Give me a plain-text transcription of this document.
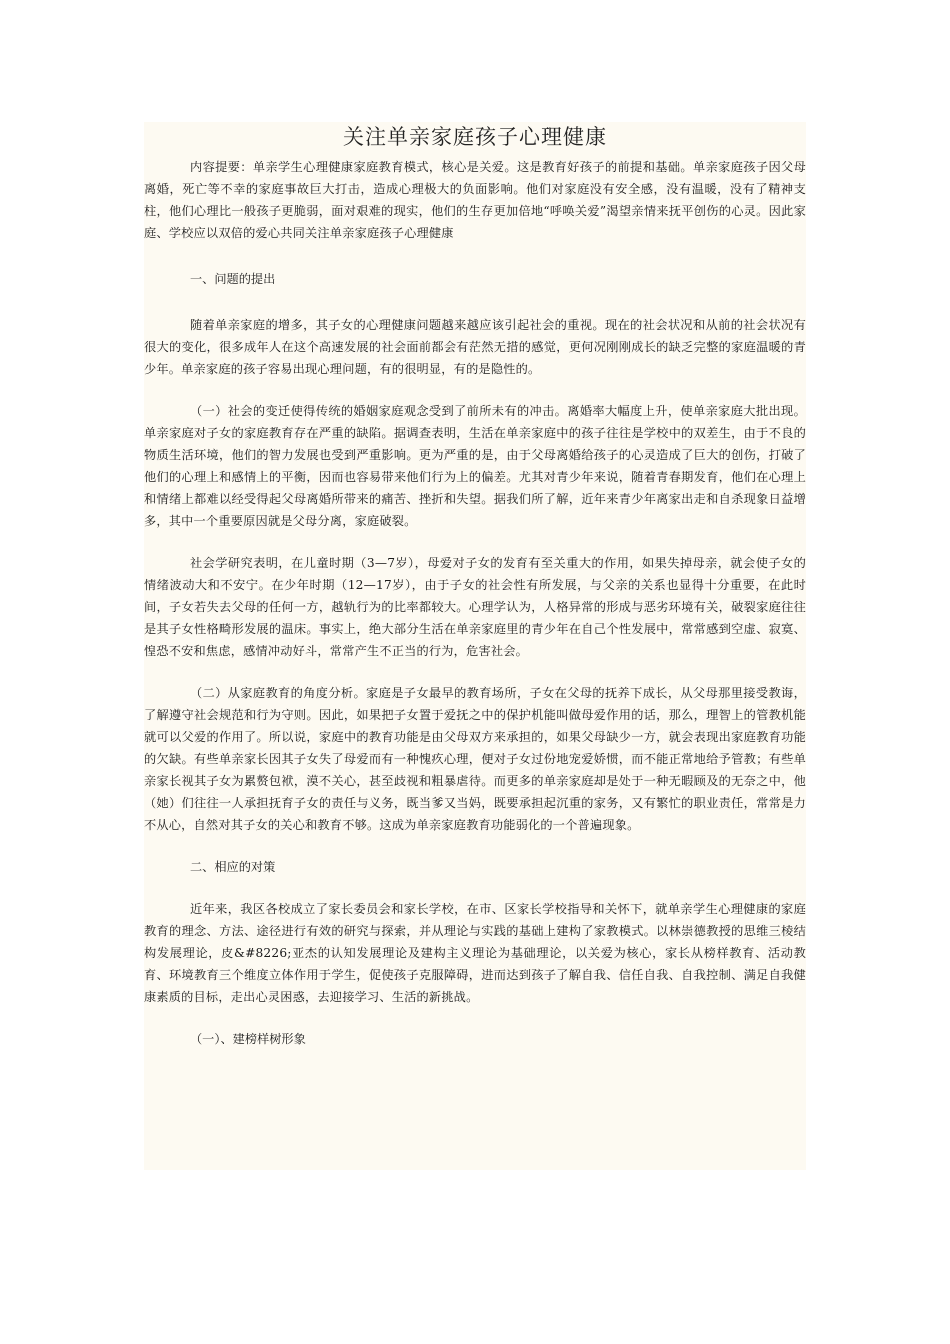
关注单亲家庭孩子心理健康

内容提要：单亲学生心理健康家庭教育模式，核心是关爱。这是教育好孩子的前提和基础。单亲家庭孩子因父母离婚，死亡等不幸的家庭事故巨大打击，造成心理极大的负面影响。他们对家庭没有安全感，没有温暖，没有了精神支柱，他们心理比一般孩子更脆弱，面对艰难的现实，他们的生存更加倍地“呼唤关爱”渴望亲情来抚平创伤的心灵。因此家庭、学校应以双倍的爱心共同关注单亲家庭孩子心理健康

一、问题的提出

随着单亲家庭的增多，其子女的心理健康问题越来越应该引起社会的重视。现在的社会状况和从前的社会状况有很大的变化，很多成年人在这个高速发展的社会面前都会有茫然无措的感觉，更何况刚刚成长的缺乏完整的家庭温暖的青少年。单亲家庭的孩子容易出现心理问题，有的很明显，有的是隐性的。

（一）社会的变迁使得传统的婚姻家庭观念受到了前所未有的冲击。离婚率大幅度上升，使单亲家庭大批出现。单亲家庭对子女的家庭教育存在严重的缺陷。据调查表明，生活在单亲家庭中的孩子往往是学校中的双差生，由于不良的物质生活环境，他们的智力发展也受到严重影响。更为严重的是，由于父母离婚给孩子的心灵造成了巨大的创伤，打破了他们的心理上和感情上的平衡，因而也容易带来他们行为上的偏差。尤其对青少年来说，随着青春期发育，他们在心理上和情绪上都难以经受得起父母离婚所带来的痛苦、挫折和失望。据我们所了解，近年来青少年离家出走和自杀现象日益增多，其中一个重要原因就是父母分离，家庭破裂。

社会学研究表明，在儿童时期（3—7岁），母爱对子女的发育有至关重大的作用，如果失掉母亲，就会使子女的情绪波动大和不安宁。在少年时期（12—17岁），由于子女的社会性有所发展，与父亲的关系也显得十分重要，在此时间，子女若失去父母的任何一方，越轨行为的比率都较大。心理学认为，人格异常的形成与恶劣环境有关，破裂家庭往往是其子女性格畸形发展的温床。事实上，绝大部分生活在单亲家庭里的青少年在自己个性发展中，常常感到空虚、寂寞、惶恐不安和焦虑，感情冲动好斗，常常产生不正当的行为，危害社会。

（二）从家庭教育的角度分析。家庭是子女最早的教育场所，子女在父母的抚养下成长，从父母那里接受教诲，了解遵守社会规范和行为守则。因此，如果把子女置于爱抚之中的保护机能叫做母爱作用的话，那么，理智上的管教机能就可以父爱的作用了。所以说，家庭中的教育功能是由父母双方来承担的，如果父母缺少一方，就会表现出家庭教育功能的欠缺。有些单亲家长因其子女失了母爱而有一种愧疚心理，便对子女过份地宠爱娇惯，而不能正常地给予管教；有些单亲家长视其子女为累赘包袱，漠不关心，甚至歧视和粗暴虐待。而更多的单亲家庭却是处于一种无暇顾及的无奈之中，他（她）们往往一人承担抚育子女的责任与义务，既当爹又当妈，既要承担起沉重的家务，又有繁忙的职业责任，常常是力不从心，自然对其子女的关心和教育不够。这成为单亲家庭教育功能弱化的一个普遍现象。

二、相应的对策

近年来，我区各校成立了家长委员会和家长学校，在市、区家长学校指导和关怀下，就单亲学生心理健康的家庭教育的理念、方法、途径进行有效的研究与探索，并从理论与实践的基础上建构了家教模式。以林崇德教授的思维三棱结构发展理论，皮&#8226;亚杰的认知发展理论及建构主义理论为基础理论，以关爱为核心，家长从榜样教育、活动教育、环境教育三个维度立体作用于学生，促使孩子克服障碍，进而达到孩子了解自我、信任自我、自我控制、满足自我健康素质的目标，走出心灵困惑，去迎接学习、生活的新挑战。

（一）、建榜样树形象
